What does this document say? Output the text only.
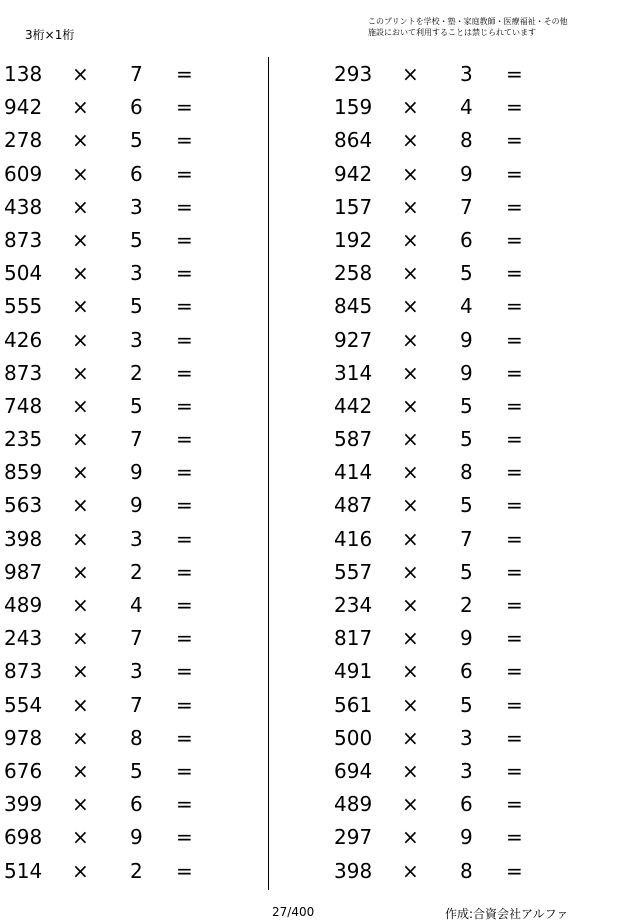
3桁×1桁
このプリントを学校・塾・家庭教師・医療福祉・その他
施設において利用することは禁じられています
138	× 7 =
942	× 6 =
278	× 5 =
609	× 6 =
438	× 3 =
873	× 5 =
504	× 3 =
555	× 5 =
426	× 3 =
873	× 2 =
748	× 5 =
235	× 7 =
859	× 9 =
563	× 9 =
398	× 3 =
987	× 2 =
489	× 4 =
243	× 7 =
873	× 3 =
554	× 7 =
978	× 8 =
676	× 5 =
399	× 6 =
698	× 9 =
514	× 2 =
293	× 3 =
159	× 4 =
864	× 8 =
942	× 9 =
157	× 7 =
192	× 6 =
258	× 5 =
845	× 4 =
927	× 9 =
314	× 9 =
442	× 5 =
587	× 5 =
414	× 8 =
487	× 5 =
416	× 7 =
557	× 5 =
234	× 2 =
817	× 9 =
491	× 6 =
561	× 5 =
500	× 3 =
694	× 3 =
489	× 6 =
297	× 9 =
398	× 8 =
27/400	作成:合資会社アルファ
